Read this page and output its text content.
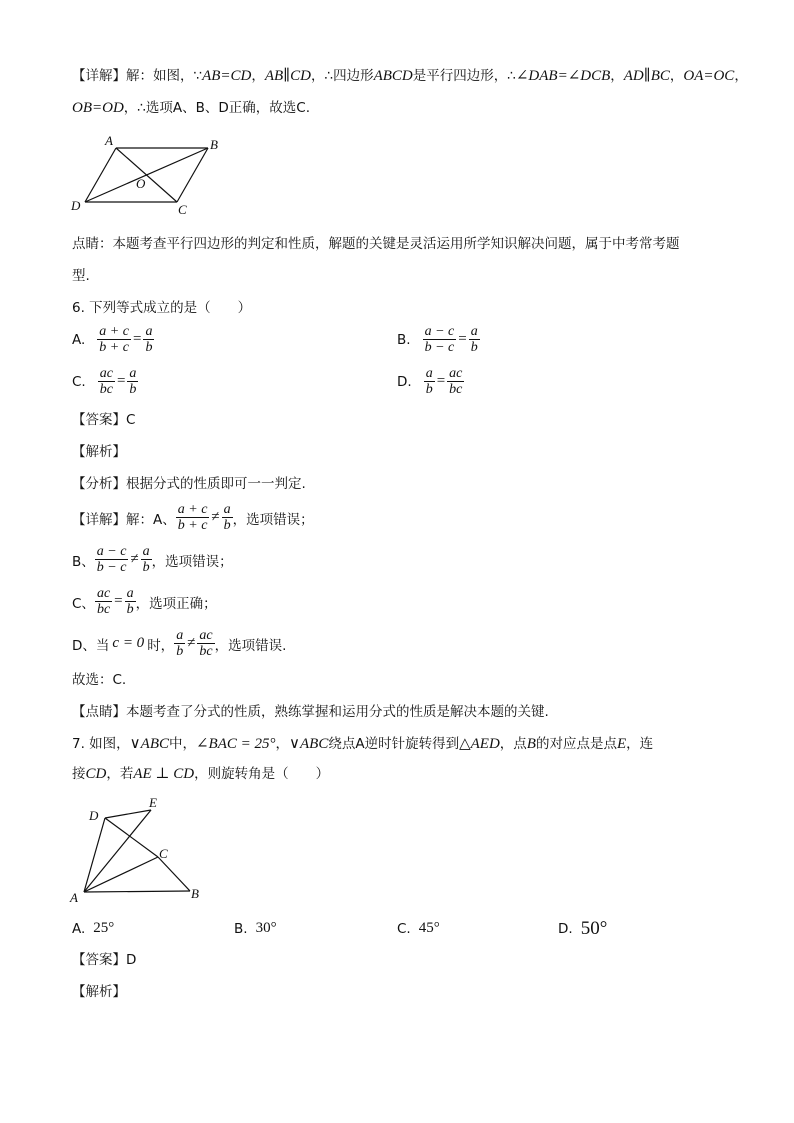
【详解】解：如图，∵AB=CD，AB∥CD，∴四边形ABCD是平行四边形，∴∠DAB=∠DCB，AD∥BC，OA=OC，
OB=OD，∴选项A、B、D正确，故选C.
A	B
C
D
O
点睛：本题考查平行四边形的判定和性质，解题的关键是灵活运用所学知识解决问题，属于中考常考题
型.
6. 下列等式成立的是（　　）
A. $\frac{a + c}{b + c} = \frac{a}{b}$	B. $\frac{a - c}{b - c} = \frac{a}{b}$
C. $\frac{ac}{bc} = \frac{a}{b}$	D. $\frac{a}{b} = \frac{ac}{bc}$
【答案】C
【解析】
【分析】根据分式的性质即可一一判定.
【详解】解：A、 $\frac{a + c}{b + c} \ne \frac{a}{b}$ ，选项错误；
B、 $\frac{a - c}{b - c} \ne \frac{a}{b}$ ，选项错误；
C、 $\frac{ac}{bc} = \frac{a}{b}$ ，选项正确；
D、当 c = 0 时， $\frac{a}{b} \ne \frac{ac}{bc}$ ，选项错误.
故选：C.
【点睛】本题考查了分式的性质，熟练掌握和运用分式的性质是解决本题的关键.
7. 如图，∨ABC中，∠BAC = 25°，∨ABC绕点A逆时针旋转得到△AED，点B的对应点是点E，连
接CD，若AE ⊥ CD，则旋转角是（　　）
D
E
C
A	B
A. 25°	B. 30°	C. 45°	D. 50°
【答案】D
【解析】
